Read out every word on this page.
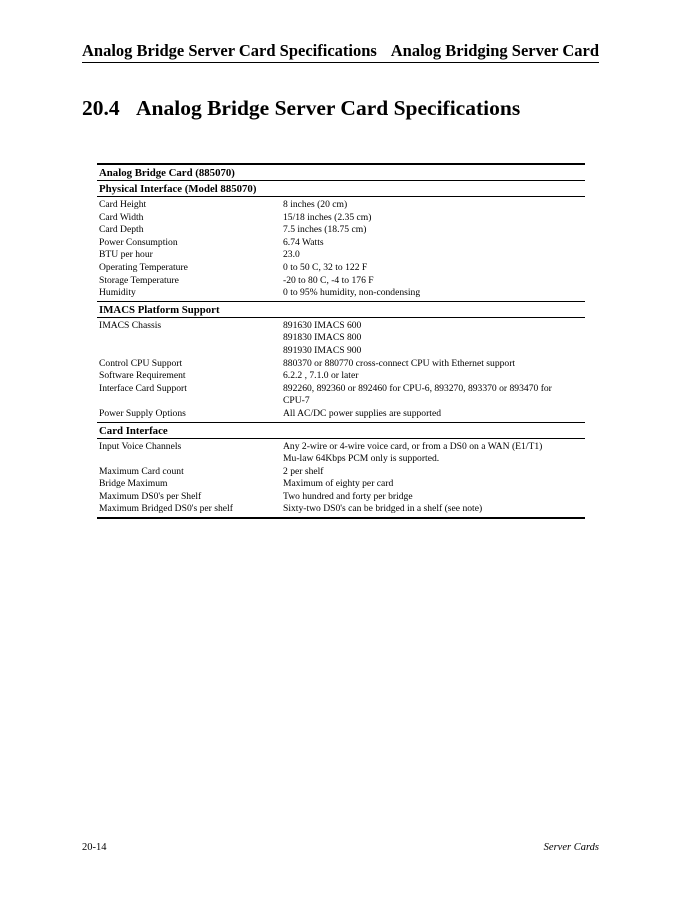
Analog Bridge Server Card Specifications Analog Bridging Server Card
20.4 Analog Bridge Server Card Specifications
Analog Bridge Card (885070)
Physical Interface (Model 885070)
Card Height	8 inches (20 cm)
Card Width	15/18 inches (2.35 cm)
Card Depth	7.5 inches (18.75 cm)
Power Consumption	6.74 Watts
BTU per hour	23.0
Operating Temperature	0 to 50 C, 32 to 122 F
Storage Temperature	-20 to 80 C, -4 to 176 F
Humidity	0 to 95% humidity, non-condensing
IMACS Platform Support
IMACS Chassis	891630 IMACS 600
891830 IMACS 800
891930 IMACS 900
Control CPU Support	880370 or 880770 cross-connect CPU with Ethernet support
Software Requirement	6.2.2 , 7.1.0 or later
Interface Card Support	892260, 892360 or 892460 for CPU-6, 893270, 893370 or 893470 for
CPU-7
Power Supply Options	All AC/DC power supplies are supported
Card Interface
Input Voice Channels	Any 2-wire or 4-wire voice card, or from a DS0 on a WAN (E1/T1)
Mu-law 64Kbps PCM only is supported.
Maximum Card count	2 per shelf
Bridge Maximum	Maximum of eighty per card
Maximum DS0's per Shelf	Two hundred and forty per bridge
Maximum Bridged DS0's per shelf	Sixty-two DS0's can be bridged in a shelf (see note)
20-14	Server Cards
